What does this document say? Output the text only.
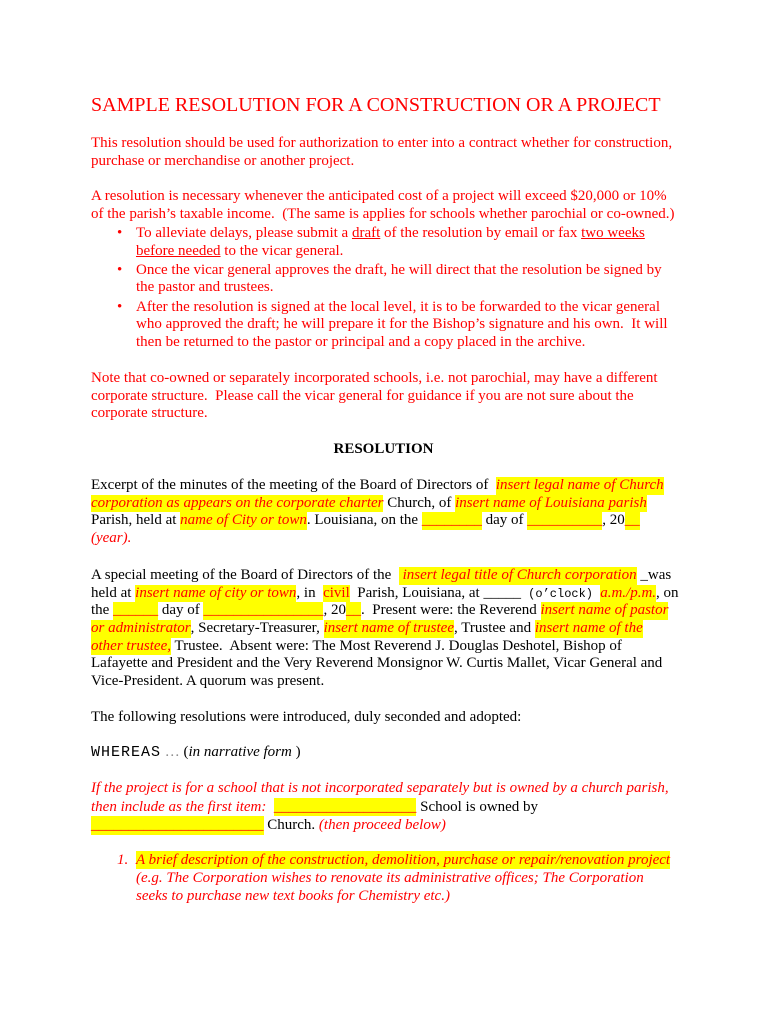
SAMPLE RESOLUTION FOR A CONSTRUCTION OR A PROJECT
This resolution should be used for authorization to enter into a contract whether for construction,
purchase or merchandise or another project.
A resolution is necessary whenever the anticipated cost of a project will exceed $20,000 or 10%
of the parish’s taxable income.  (The same is applies for schools whether parochial or co-owned.)
• To alleviate delays, please submit a draft of the resolution by email or fax two weeks
before needed to the vicar general.
• Once the vicar general approves the draft, he will direct that the resolution be signed by
the pastor and trustees.
• After the resolution is signed at the local level, it is to be forwarded to the vicar general
who approved the draft; he will prepare it for the Bishop’s signature and his own.  It will
then be returned to the pastor or principal and a copy placed in the archive.
Note that co-owned or separately incorporated schools, i.e. not parochial, may have a different
corporate structure.  Please call the vicar general for guidance if you are not sure about the
corporate structure.
RESOLUTION
Excerpt of the minutes of the meeting of the Board of Directors of insert legal name of Church
corporation as appears on the corporate charter Church, of insert name of Louisiana parish
Parish, held at name of City or town . Louisiana, on the ________ day of __________ , 20 __
(year).
A special meeting of the Board of Directors of the insert legal title of Church corporation _was
held at insert name of city or town , in civil Parish, Louisiana, at _____ (o’clock) a.m./p.m. , on
the ______ day of ________________ , 20 __ .  Present were: the Reverend insert name of pastor
or administrator , Secretary-Treasurer, insert name of trustee , Trustee and insert name of the
other trustee, Trustee.  Absent were: The Most Reverend J. Douglas Deshotel, Bishop of
Lafayette and President and the Very Reverend Monsignor W. Curtis Mallet, Vicar General and
Vice-President. A quorum was present.
The following resolutions were introduced, duly seconded and adopted:
WHEREAS … ( in narrative form )
If the project is for a school that is not incorporated separately but is owned by a church parish,
then include as the first item: ___________________ School is owned by
_______________________ Church. (then proceed below)
1. A brief description of the construction, demolition, purchase or repair/renovation project
(e.g. The Corporation wishes to renovate its administrative offices; The Corporation
seeks to purchase new text books for Chemistry etc.)
